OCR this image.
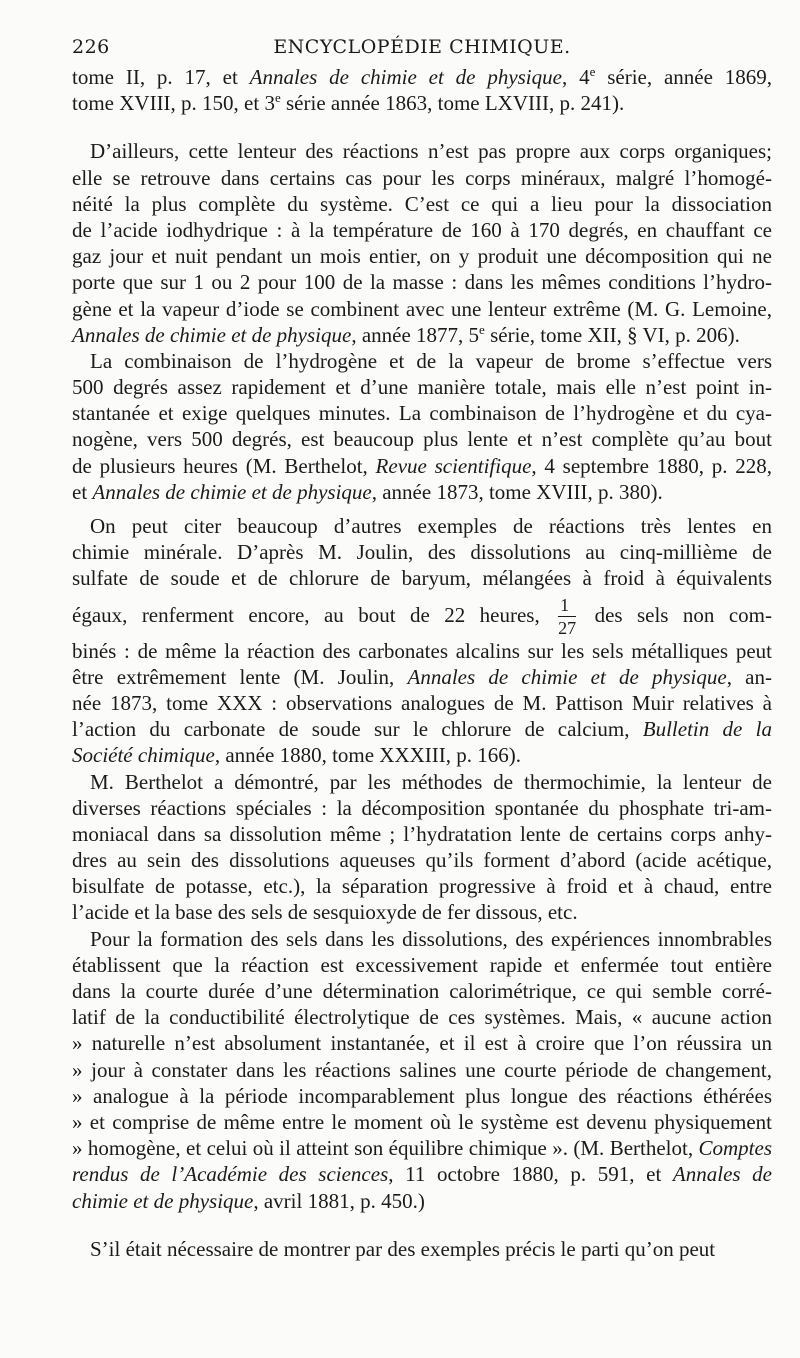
226	ENCYCLOPÉDIE CHIMIQUE.
tome II, p. 17, et Annales de chimie et de physique, 4e série, année 1869,
tome XVIII, p. 150, et 3e série année 1863, tome LXVIII, p. 241).
D’ailleurs, cette lenteur des réactions n’est pas propre aux corps organiques;
elle se retrouve dans certains cas pour les corps minéraux, malgré l’homogé-
néité la plus complète du système. C’est ce qui a lieu pour la dissociation
de l’acide iodhydrique : à la température de 160 à 170 degrés, en chauffant ce
gaz jour et nuit pendant un mois entier, on y produit une décomposition qui ne
porte que sur 1 ou 2 pour 100 de la masse : dans les mêmes conditions l’hydro-
gène et la vapeur d’iode se combinent avec une lenteur extrême (M. G. Lemoine,
Annales de chimie et de physique, année 1877, 5e série, tome XII, § VI, p. 206).
La combinaison de l’hydrogène et de la vapeur de brome s’effectue vers
500 degrés assez rapidement et d’une manière totale, mais elle n’est point in-
stantanée et exige quelques minutes. La combinaison de l’hydrogène et du cya-
nogène, vers 500 degrés, est beaucoup plus lente et n’est complète qu’au bout
de plusieurs heures (M. Berthelot, Revue scientifique, 4 septembre 1880, p. 228,
et Annales de chimie et de physique, année 1873, tome XVIII, p. 380).
On peut citer beaucoup d’autres exemples de réactions très lentes en
chimie minérale. D’après M. Joulin, des dissolutions au cinq-millième de
sulfate de soude et de chlorure de baryum, mélangées à froid à équivalents
égaux, renferment encore, au bout de 22 heures, $\frac{1}{27}$ des sels non com-
binés : de même la réaction des carbonates alcalins sur les sels métalliques peut
être extrêmement lente (M. Joulin, Annales de chimie et de physique, an-
née 1873, tome XXX : observations analogues de M. Pattison Muir relatives à
l’action du carbonate de soude sur le chlorure de calcium, Bulletin de la
Société chimique, année 1880, tome XXXIII, p. 166).
M. Berthelot a démontré, par les méthodes de thermochimie, la lenteur de
diverses réactions spéciales : la décomposition spontanée du phosphate tri-am-
moniacal dans sa dissolution même ; l’hydratation lente de certains corps anhy-
dres au sein des dissolutions aqueuses qu’ils forment d’abord (acide acétique,
bisulfate de potasse, etc.), la séparation progressive à froid et à chaud, entre
l’acide et la base des sels de sesquioxyde de fer dissous, etc.
Pour la formation des sels dans les dissolutions, des expériences innombrables
établissent que la réaction est excessivement rapide et enfermée tout entière
dans la courte durée d’une détermination calorimétrique, ce qui semble corré-
latif de la conductibilité électrolytique de ces systèmes. Mais, « aucune action
» naturelle n’est absolument instantanée, et il est à croire que l’on réussira un
» jour à constater dans les réactions salines une courte période de changement,
» analogue à la période incomparablement plus longue des réactions éthérées
» et comprise de même entre le moment où le système est devenu physiquement
» homogène, et celui où il atteint son équilibre chimique ». (M. Berthelot, Comptes
rendus de l’Académie des sciences, 11 octobre 1880, p. 591, et Annales de
chimie et de physique, avril 1881, p. 450.)
S’il était nécessaire de montrer par des exemples précis le parti qu’on peut
